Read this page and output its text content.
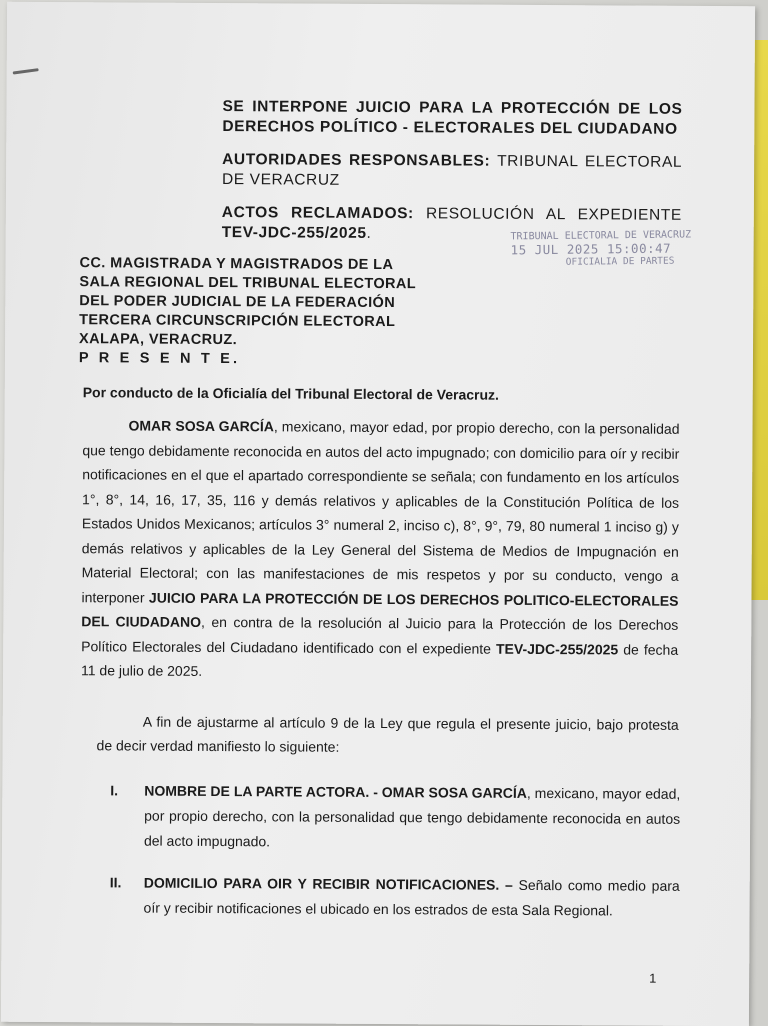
SE INTERPONE JUICIO PARA LA PROTECCIÓN DE LOS DERECHOS POLÍTICO - ELECTORALES DEL CIUDADANO
AUTORIDADES RESPONSABLES: TRIBUNAL ELECTORAL DE VERACRUZ
ACTOS RECLAMADOS: RESOLUCIÓN AL EXPEDIENTE TEV-JDC-255/2025.	TRIBUNAL ELECTORAL DE VERACRUZ
15 JUL 2025 15:00:47
OFICIALIA DE PARTES
CC. MAGISTRADA Y MAGISTRADOS DE LA
SALA REGIONAL DEL TRIBUNAL ELECTORAL
DEL PODER JUDICIAL DE LA FEDERACIÓN
TERCERA CIRCUNSCRIPCIÓN ELECTORAL
XALAPA, VERACRUZ.
P R E S E N T E.
Por conducto de la Oficialía del Tribunal Electoral de Veracruz.
OMAR SOSA GARCÍA, mexicano, mayor edad, por propio derecho, con la personalidad que tengo debidamente reconocida en autos del acto impugnado; con domicilio para oír y recibir notificaciones en el que el apartado correspondiente se señala; con fundamento en los artículos 1°, 8°, 14, 16, 17, 35, 116 y demás relativos y aplicables de la Constitución Política de los Estados Unidos Mexicanos; artículos 3° numeral 2, inciso c), 8°, 9°, 79, 80 numeral 1 inciso g) y demás relativos y aplicables de la Ley General del Sistema de Medios de Impugnación en Material Electoral; con las manifestaciones de mis respetos y por su conducto, vengo a interponer JUICIO PARA LA PROTECCIÓN DE LOS DERECHOS POLITICO-ELECTORALES DEL CIUDADANO, en contra de la resolución al Juicio para la Protección de los Derechos Político Electorales del Ciudadano identificado con el expediente TEV-JDC-255/2025 de fecha 11 de julio de 2025.
A fin de ajustarme al artículo 9 de la Ley que regula el presente juicio, bajo protesta de decir verdad manifiesto lo siguiente:
I. NOMBRE DE LA PARTE ACTORA. - OMAR SOSA GARCÍA, mexicano, mayor edad, por propio derecho, con la personalidad que tengo debidamente reconocida en autos del acto impugnado.
II. DOMICILIO PARA OIR Y RECIBIR NOTIFICACIONES. – Señalo como medio para oír y recibir notificaciones el ubicado en los estrados de esta Sala Regional.
1
